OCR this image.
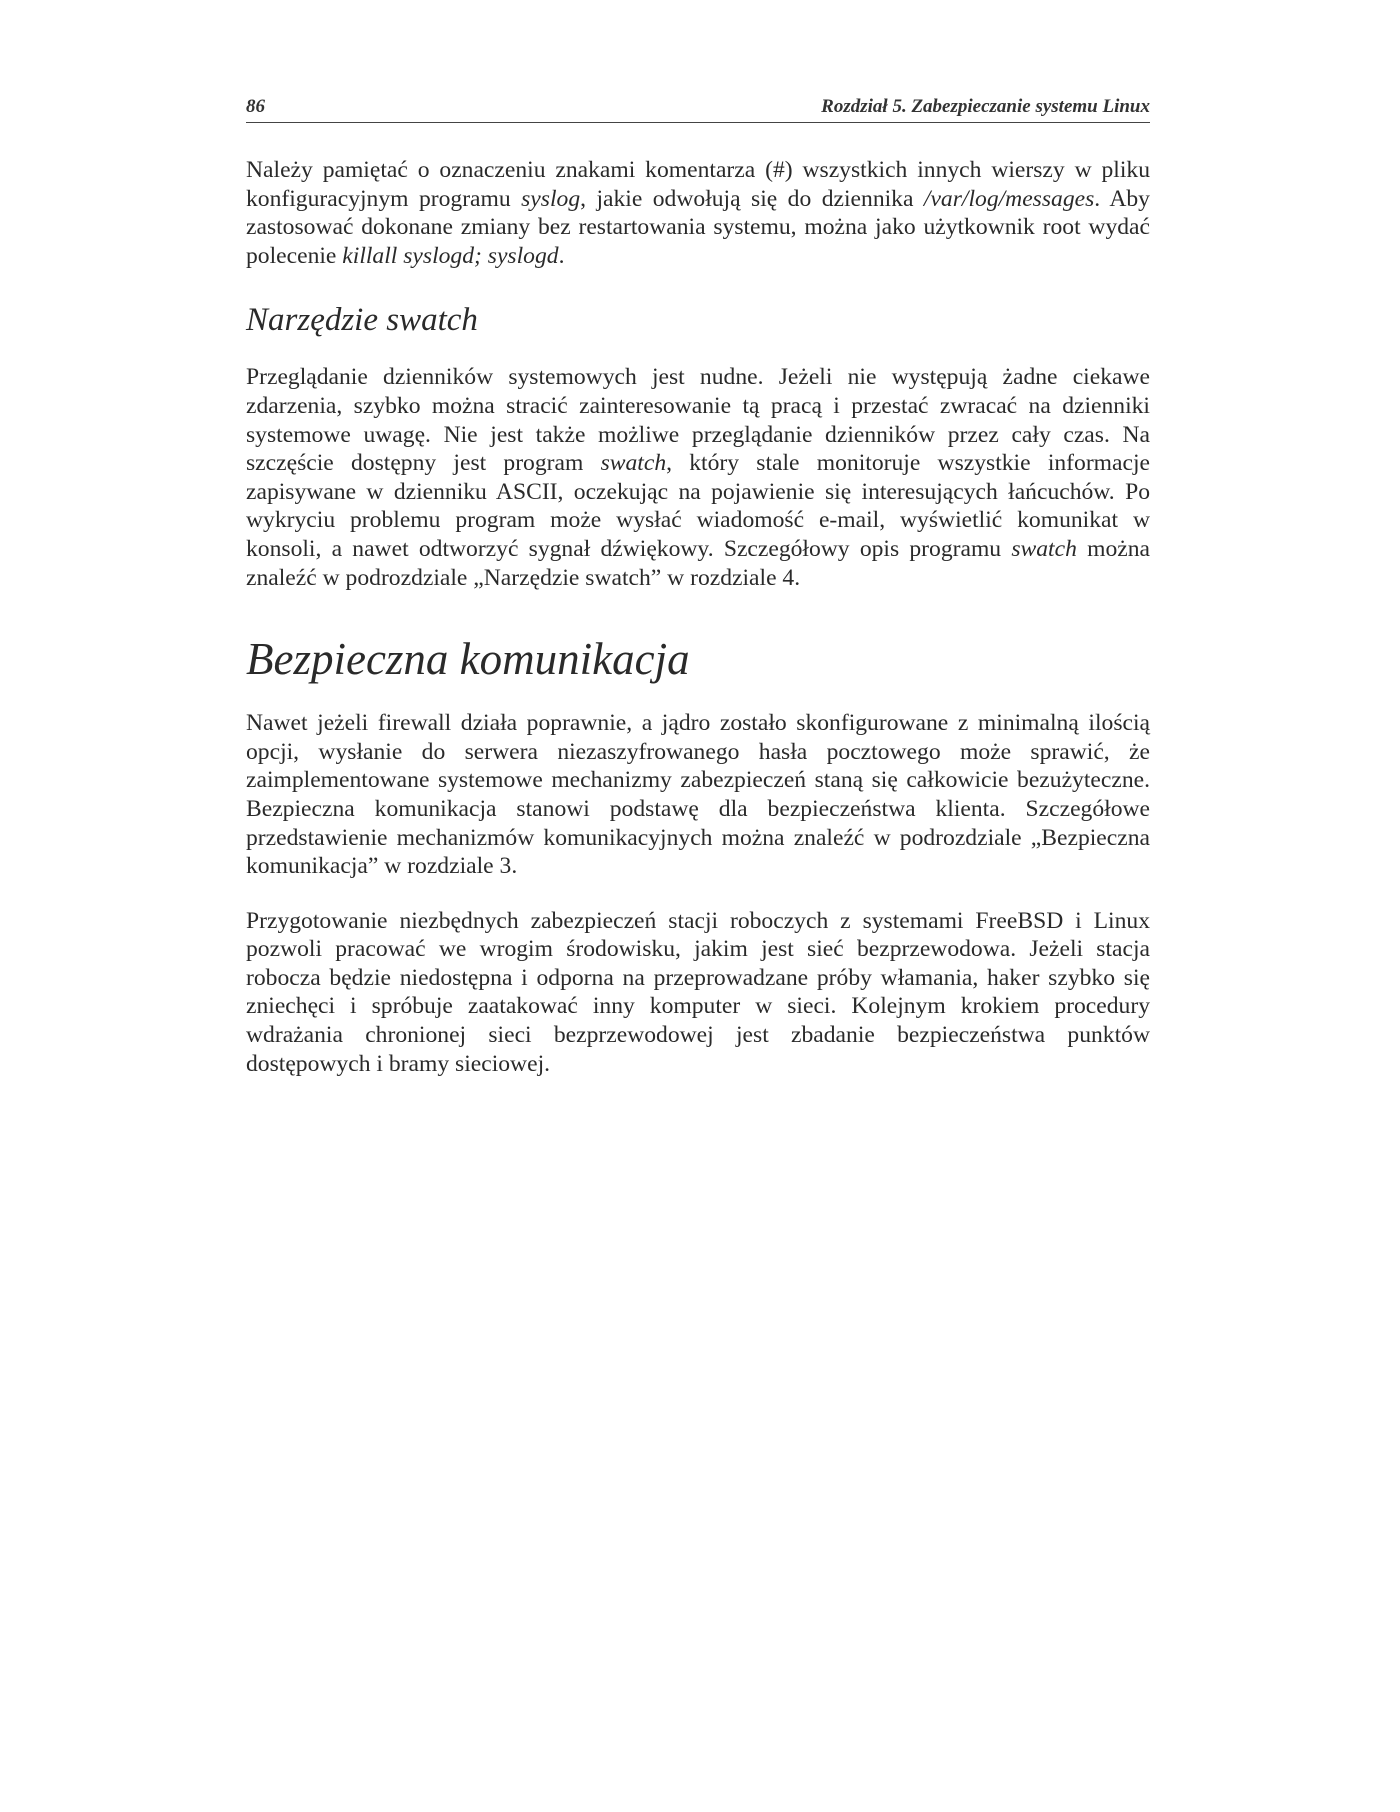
86	Rozdział 5. Zabezpieczanie systemu Linux

Należy pamiętać o oznaczeniu znakami komentarza (#) wszystkich innych wierszy w pliku konfiguracyjnym programu syslog, jakie odwołują się do dziennika /var/log/messages. Aby zastosować dokonane zmiany bez restartowania systemu, można jako użytkownik root wydać polecenie killall syslogd; syslogd.

Narzędzie swatch

Przeglądanie dzienników systemowych jest nudne. Jeżeli nie występują żadne ciekawe zdarzenia, szybko można stracić zainteresowanie tą pracą i przestać zwracać na dzienniki systemowe uwagę. Nie jest także możliwe przeglądanie dzienników przez cały czas. Na szczęście dostępny jest program swatch, który stale monitoruje wszystkie informacje zapisywane w dzienniku ASCII, oczekując na pojawienie się interesujących łańcuchów. Po wykryciu problemu program może wysłać wiadomość e-mail, wyświetlić komunikat w konsoli, a nawet odtworzyć sygnał dźwiękowy. Szczegółowy opis programu swatch można znaleźć w podrozdziale „Narzędzie swatch” w rozdziale 4.

Bezpieczna komunikacja

Nawet jeżeli firewall działa poprawnie, a jądro zostało skonfigurowane z minimalną ilością opcji, wysłanie do serwera niezaszyfrowanego hasła pocztowego może sprawić, że zaimplementowane systemowe mechanizmy zabezpieczeń staną się całkowicie bezużyteczne. Bezpieczna komunikacja stanowi podstawę dla bezpieczeństwa klienta. Szczegółowe przedstawienie mechanizmów komunikacyjnych można znaleźć w podrozdziale „Bezpieczna komunikacja” w rozdziale 3.

Przygotowanie niezbędnych zabezpieczeń stacji roboczych z systemami FreeBSD i Linux pozwoli pracować we wrogim środowisku, jakim jest sieć bezprzewodowa. Jeżeli stacja robocza będzie niedostępna i odporna na przeprowadzane próby włamania, haker szybko się zniechęci i spróbuje zaatakować inny komputer w sieci. Kolejnym krokiem procedury wdrażania chronionej sieci bezprzewodowej jest zbadanie bezpieczeństwa punktów dostępowych i bramy sieciowej.
